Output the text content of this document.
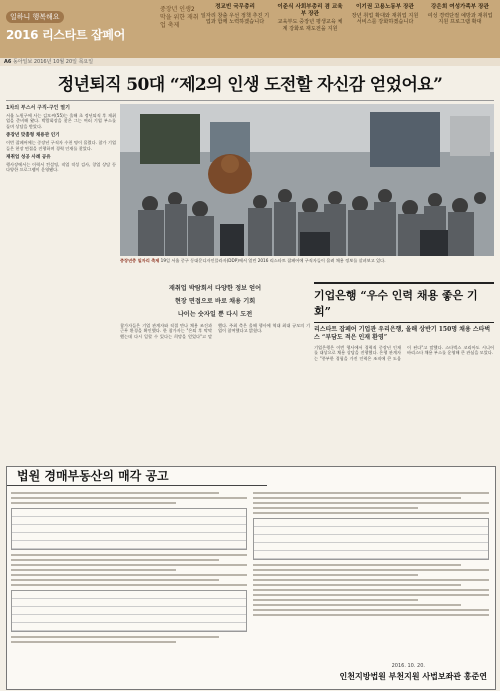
일하니 행복해요
2016 리스타트 잡페어
중장년 인생2막을 위한 재취업 축제
정교빈 국무총리
일자리 창출 우선 정책 추진 기업과 함께 노력하겠습니다
이준식 사회부총리 겸 교육부 장관
교육부도 중장년 평생교육 체계 강화로 재도전을 지원
이기권 고용노동부 장관
장년 취업 확대와 재취업 지원 서비스를 강화하겠습니다
강은희 여성가족부 장관
여성 경력단절 예방과 재취업 지원 프로그램 확대
A6 동아일보 2016년 10월 20일 목요일
정년퇴직 50대 “제2의 인생 도전할 자신감 얻었어요”
1차의 부스서 구직-구인 열기
서울 노원구에 사는 김모씨(55)는 올해 초 정년퇴직 후 재취업을 준비해 왔다. 박람회장을 찾은 그는 여러 기업 부스를 돌며 상담을 받았다.
중장년 맞춤형 채용관 인기
이번 잡페어에는 중장년 구직자 수천 명이 몰렸다. 참가 기업들은 현장 면접을 진행하며 경력 인재를 찾았다.
재취업 성공 사례 공유
행사장에서는 이력서 컨설팅, 직업 적성 검사, 창업 상담 등 다양한 프로그램이 운영됐다.
중장년층 일자리 축제 19일 서울 중구 동대문디자인플라자(DDP)에서 열린 2016 리스타트 잡페어에 구직자들이 몰려 채용 정보를 살펴보고 있다.
재취업 박람회서 다양한 정보 얻어
현장 면접으로 바로 채용 기회
나이는 숫자일 뿐 다시 도전
참가자들은 기업 관계자와 직접 만나 채용 조건과 근무 환경을 확인했다. 한 참가자는 "은퇴 후 막막했는데 다시 일할 수 있다는 희망을 얻었다"고 말했다. 주최 측은 올해 행사에 역대 최대 규모의 기업이 참여했다고 밝혔다.
기업은행 “우수 인력 채용 좋은 기회”
리스타트 잡페어 기업관 우리은행, 올해 상반기 150명 채용 스타벅스 “부담도 적은 인재 환영”
기업은행은 이번 행사에서 경력직 중장년 인재를 대상으로 채용 상담을 진행했다. 은행 관계자는 "풍부한 경험을 가진 인력은 조직에 큰 도움이 된다"고 말했다. 스타벅스 코리아도 시니어 바리스타 채용 부스를 운영해 큰 관심을 모았다.
법원 경매부동산의 매각 공고
2016. 10. 20.
인천지방법원 부천지원 사법보좌관 홍준연
